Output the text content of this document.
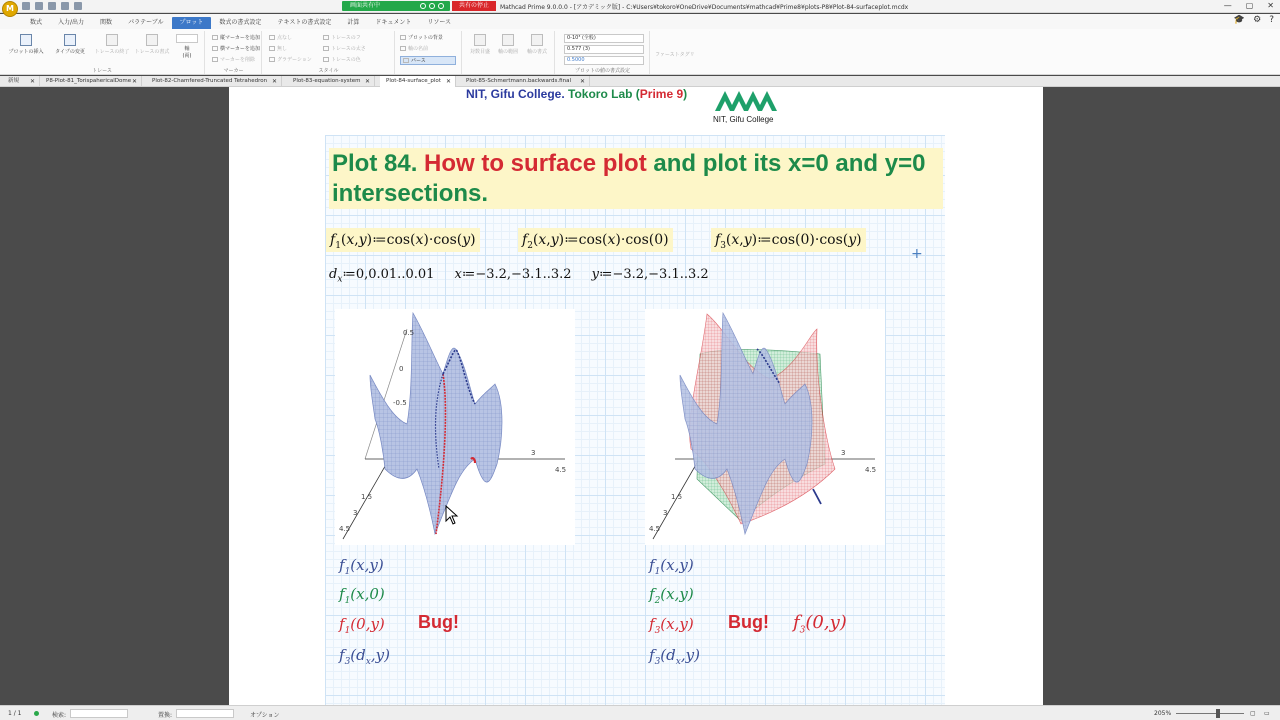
M	画面共有中	共有の停止	Mathcad Prime 9.0.0.0 - [アカデミック版] - C:¥Users¥tokoro¥OneDrive¥Documents¥mathcad¥Prime8¥plots-P8¥Plot-84-surfaceplot.mcdx	— ▢ ✕
数式	入力/出力	関数	パラテーブル	プロット	数式の書式設定	テキストの書式設定	計算	ドキュメント	リソース	🎓 ⚙ ?
プロットの挿入	タイプの変更	トレースの終了	トレースの書式	軸
(両)
トレース
縦マーカーを追加
横マーカーを追加
マーカーを削除
マーカー
点なし
無し
グラデーション
トレースのフ
トレースの太さ
トレースの色
スタイル
プロットの背景
軸の名前
パース
対数目盛	軸の範囲	軸の書式
0-10³ (全般)
0.577 (3)
0.5000
プロットの値の書式設定
ファーストタグリ
新規 ✕	P8-Plot-81_TorispahericalDome ✕	Plot-82-Chamfered-Truncated Tetrahedron ✕	Plot-83-equation-system ✕	Plot-84-surface_plot ✕	Plot-85-Schmertmann.backwards.final ✕
NIT, Gifu College. Tokoro Lab (Prime 9)
NIT, Gifu College
Plot 84. How to surface plot and plot its x=0 and y=0 intersections.
$f_1(x,y)≔\cos(x)\cdot\cos(y)$	$f_2(x,y)≔\cos(x)\cdot\cos(0)$	$f_3(x,y)≔\cos(0)\cdot\cos(y)$
+
$d_x≔0,0.01..0.01$ x≔−3.2,−3.1..3.2 y≔−3.2,−3.1..3.2
0.5
0
-0.5
3
4.5
1.5
3
4.5
3
4.5
1.5
3
4.5
$f_1(x,y)$
$f_1(x,0)$
$f_1(0,y)$
$f_3(d_x,y)$
Bug!
$f_1(x,y)$
$f_2(x,y)$
$f_3(x,y)$
$f_3(d_x,y)$
Bug! $f_3(0,y)$
1 / 1	検索:	置換:	オプション	205%	▢ ▭
